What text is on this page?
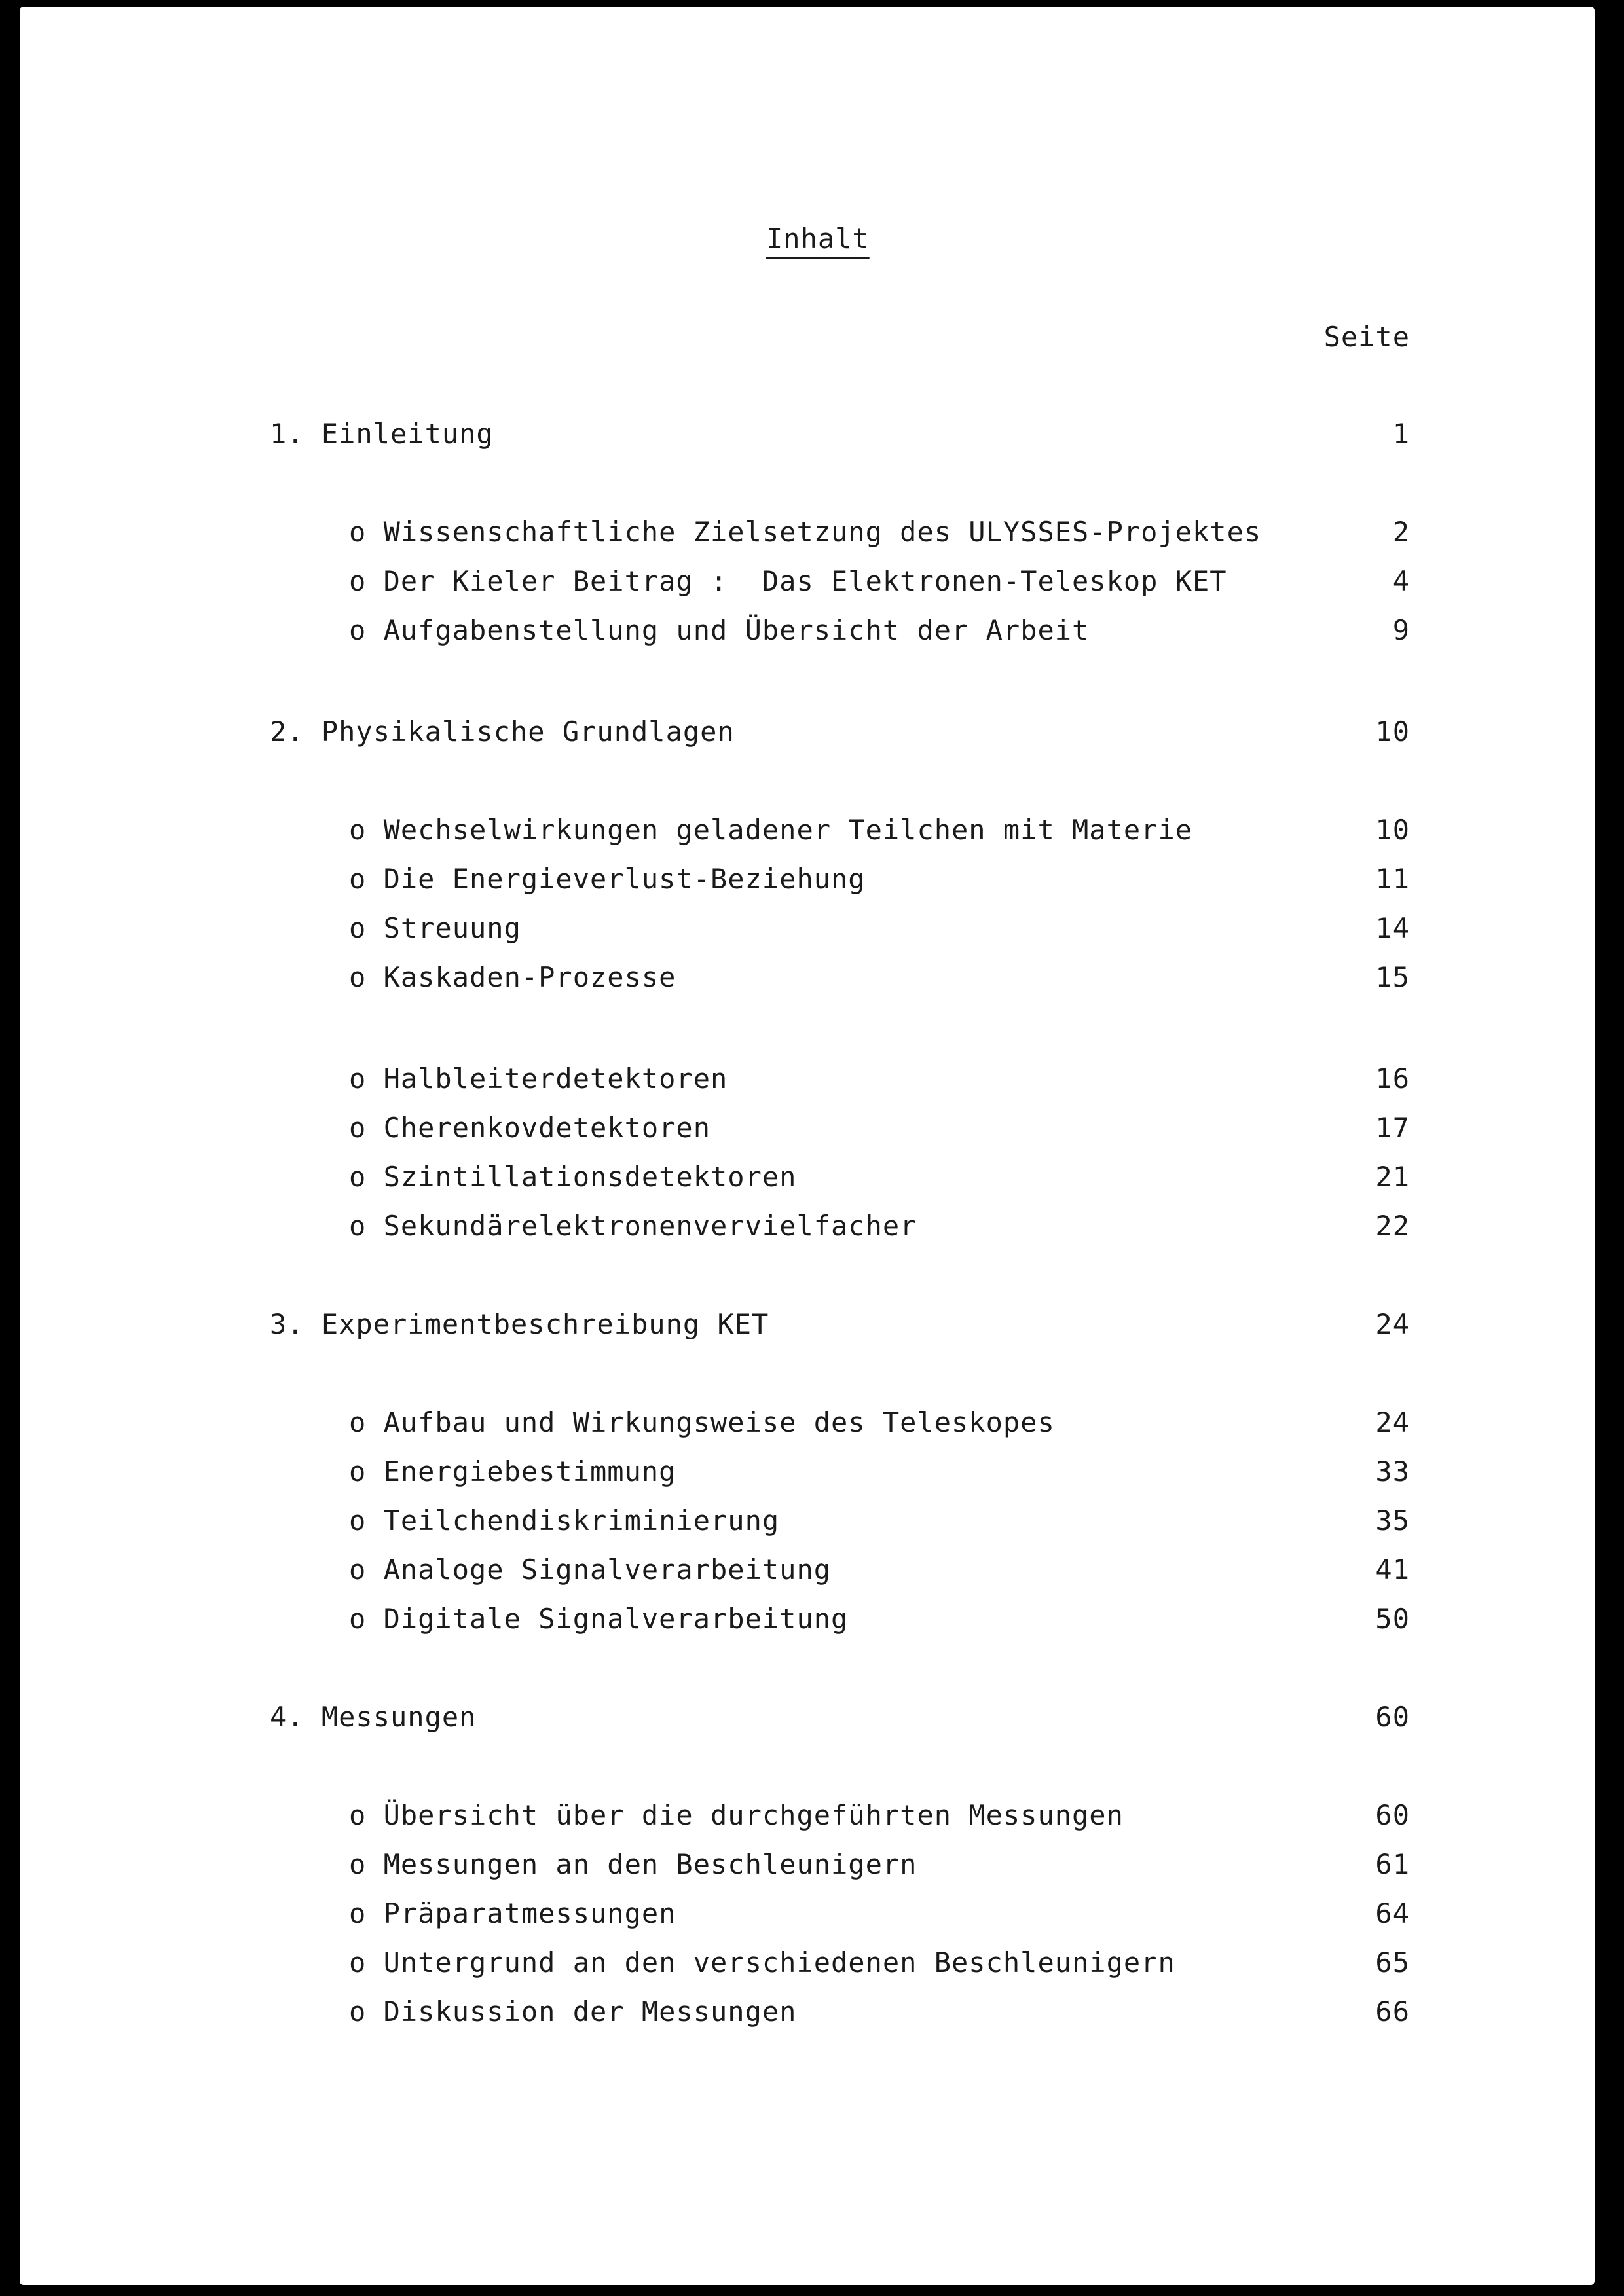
Inhalt
Seite
1. Einleitung	1
o Wissenschaftliche Zielsetzung des ULYSSES-Projektes	2
o Der Kieler Beitrag :  Das Elektronen-Teleskop KET	4
o Aufgabenstellung und Übersicht der Arbeit	9
2. Physikalische Grundlagen	10
o Wechselwirkungen geladener Teilchen mit Materie	10
o Die Energieverlust-Beziehung	11
o Streuung	14
o Kaskaden-Prozesse	15
o Halbleiterdetektoren	16
o Cherenkovdetektoren	17
o Szintillationsdetektoren	21
o Sekundärelektronenvervielfacher	22
3. Experimentbeschreibung KET	24
o Aufbau und Wirkungsweise des Teleskopes	24
o Energiebestimmung	33
o Teilchendiskriminierung	35
o Analoge Signalverarbeitung	41
o Digitale Signalverarbeitung	50
4. Messungen	60
o Übersicht über die durchgeführten Messungen	60
o Messungen an den Beschleunigern	61
o Präparatmessungen	64
o Untergrund an den verschiedenen Beschleunigern	65
o Diskussion der Messungen	66
